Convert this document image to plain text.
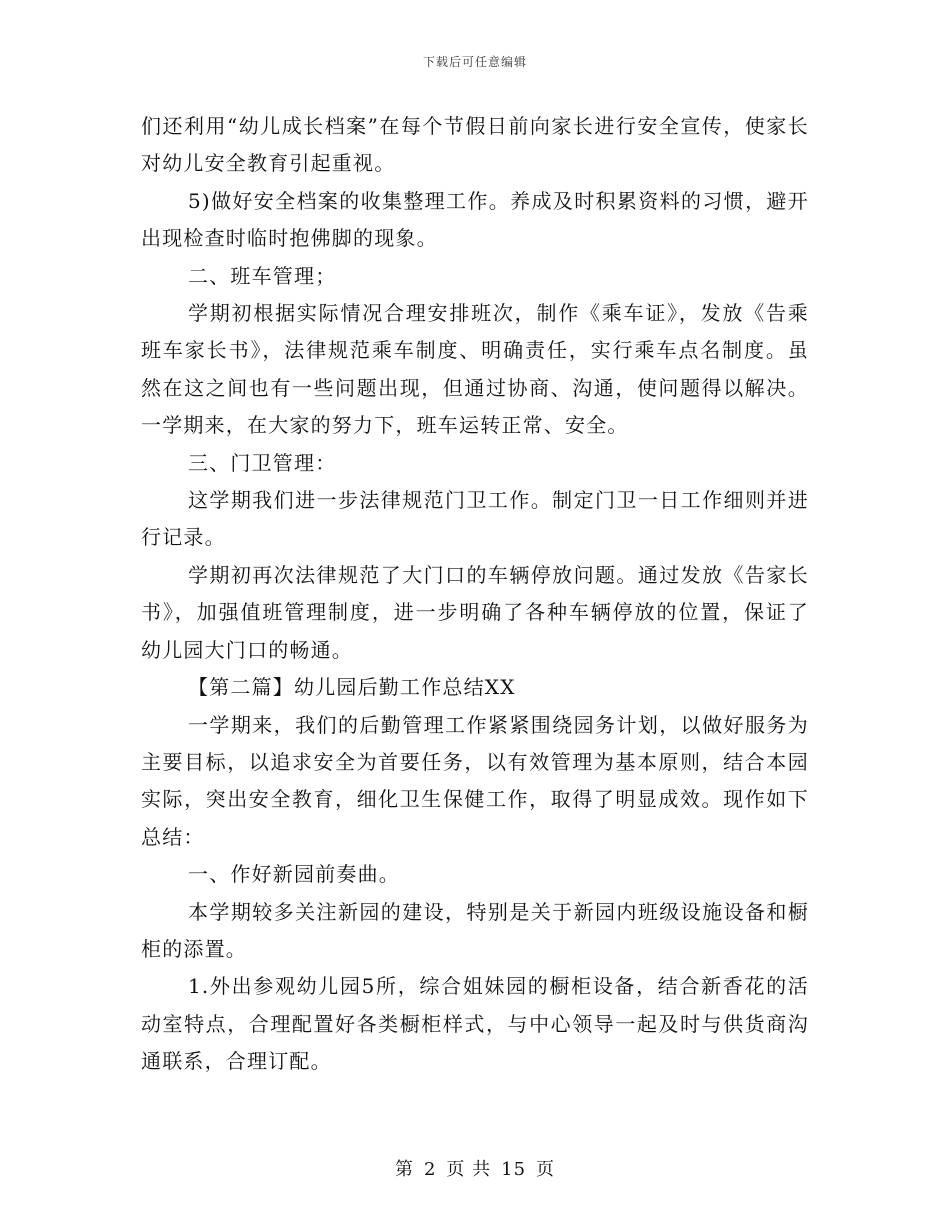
下载后可任意编辑

们还利用“幼儿成长档案”在每个节假日前向家长进行安全宣传，使家长对幼儿安全教育引起重视。

5)做好安全档案的收集整理工作。养成及时积累资料的习惯，避开出现检查时临时抱佛脚的现象。

二、班车管理；

学期初根据实际情况合理安排班次，制作《乘车证》，发放《告乘班车家长书》，法律规范乘车制度、明确责任，实行乘车点名制度。虽然在这之间也有一些问题出现，但通过协商、沟通，使问题得以解决。一学期来，在大家的努力下，班车运转正常、安全。

三、门卫管理：

这学期我们进一步法律规范门卫工作。制定门卫一日工作细则并进行记录。

学期初再次法律规范了大门口的车辆停放问题。通过发放《告家长书》，加强值班管理制度，进一步明确了各种车辆停放的位置，保证了幼儿园大门口的畅通。

【第二篇】幼儿园后勤工作总结XX

一学期来，我们的后勤管理工作紧紧围绕园务计划，以做好服务为主要目标，以追求安全为首要任务，以有效管理为基本原则，结合本园实际，突出安全教育，细化卫生保健工作，取得了明显成效。现作如下总结：

一、作好新园前奏曲。

本学期较多关注新园的建设，特别是关于新园内班级设施设备和橱柜的添置。

1.外出参观幼儿园5所，综合姐妹园的橱柜设备，结合新香花的活动室特点，合理配置好各类橱柜样式，与中心领导一起及时与供货商沟通联系，合理订配。

第 2 页 共 15 页
